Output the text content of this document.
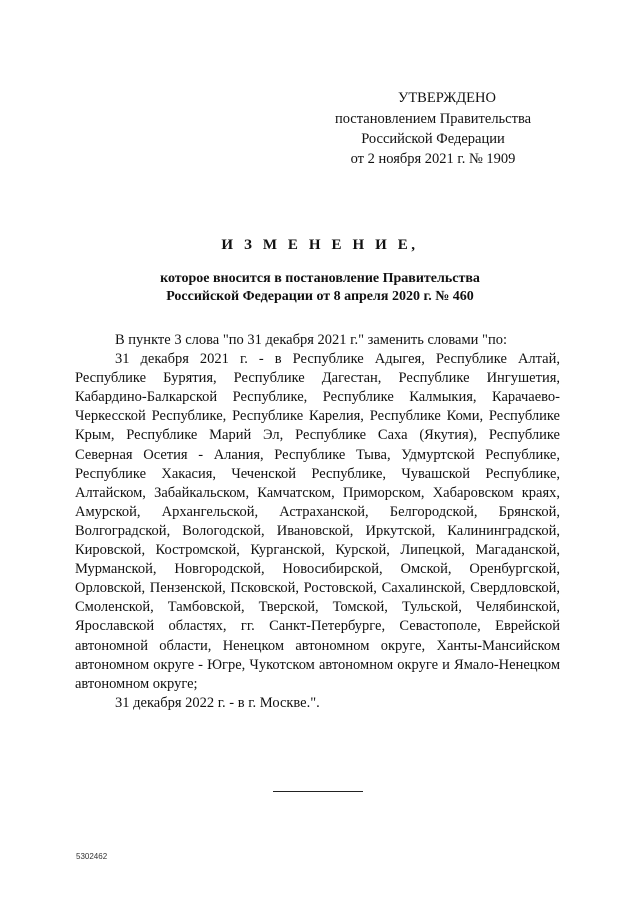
УТВЕРЖДЕНО
постановлением Правительства
Российской Федерации
от 2 ноября 2021 г. № 1909
И З М Е Н Е Н И Е,
которое вносится в постановление Правительства
Российской Федерации от 8 апреля 2020 г. № 460

В пункте 3 слова "по 31 декабря 2021 г." заменить словами "по:

31 декабря 2021 г. - в Республике Адыгея, Республике Алтай, Республике Бурятия, Республике Дагестан, Республике Ингушетия, Кабардино-Балкарской Республике, Республике Калмыкия, Карачаево-Черкесской Республике, Республике Карелия, Республике Коми, Республике Крым, Республике Марий Эл, Республике Саха (Якутия), Республике Северная Осетия - Алания, Республике Тыва, Удмуртской Республике, Республике Хакасия, Чеченской Республике, Чувашской Республике, Алтайском, Забайкальском, Камчатском, Приморском, Хабаровском краях, Амурской, Архангельской, Астраханской, Белгородской, Брянской, Волгоградской, Вологодской, Ивановской, Иркутской, Калининградской, Кировской, Костромской, Курганской, Курской, Липецкой, Магаданской, Мурманской, Новгородской, Новосибирской, Омской, Оренбургской, Орловской, Пензенской, Псковской, Ростовской, Сахалинской, Свердловской, Смоленской, Тамбовской, Тверской, Томской, Тульской, Челябинской, Ярославской областях, гг. Санкт-Петербурге, Севастополе, Еврейской автономной области, Ненецком автономном округе, Ханты-Мансийском автономном округе - Югре, Чукотском автономном округе и Ямало-Ненецком автономном округе;

31 декабря 2022 г. - в г. Москве.".

5302462
